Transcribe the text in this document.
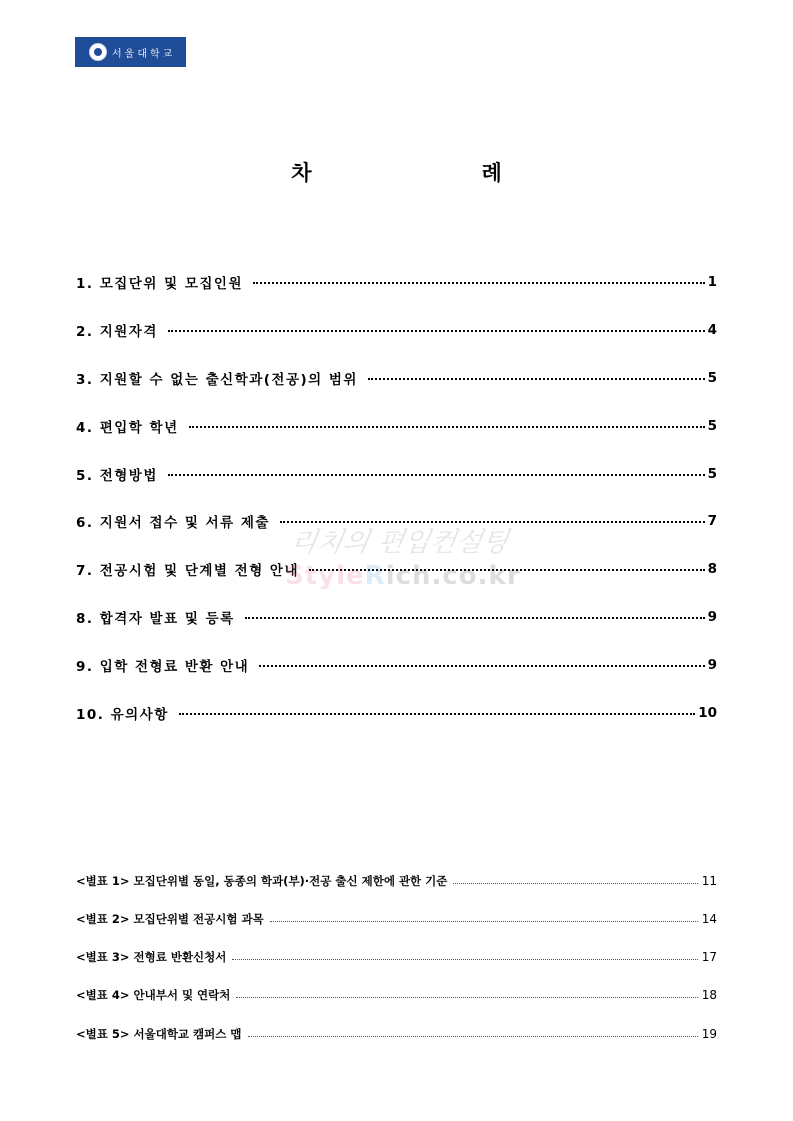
서울대학교
차	례
1. 모집단위 및 모집인원	1
2. 지원자격	4
3. 지원할 수 없는 출신학과(전공)의 범위	5
4. 편입학 학년	5
5. 전형방법	5
6. 지원서 접수 및 서류 제출	7
7. 전공시험 및 단계별 전형 안내	8
8. 합격자 발표 및 등록	9
9. 입학 전형료 반환 안내	9
10. 유의사항	10
리치의 편입컨설팅
StyleRich.co.kr
<별표 1> 모집단위별 동일, 동종의 학과(부)·전공 출신 제한에 관한 기준	11
<별표 2> 모집단위별 전공시험 과목	14
<별표 3> 전형료 반환신청서	17
<별표 4> 안내부서 및 연락처	18
<별표 5> 서울대학교 캠퍼스 맵	19
